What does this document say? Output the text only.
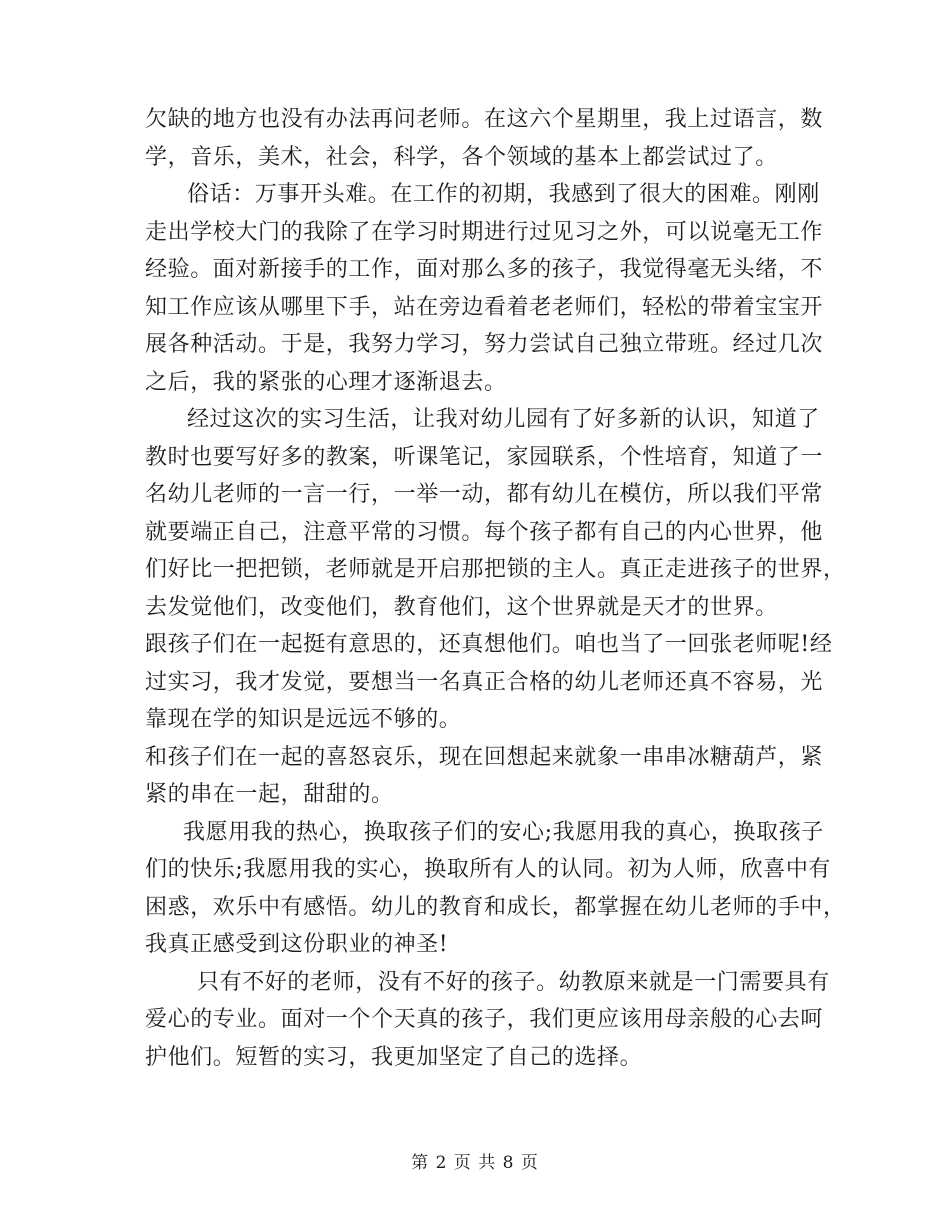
欠缺的地方也没有办法再问老师。在这六个星期里，我上过语言，数
学，音乐，美术，社会，科学，各个领域的基本上都尝试过了。
俗话：万事开头难。在工作的初期，我感到了很大的困难。刚刚
走出学校大门的我除了在学习时期进行过见习之外，可以说毫无工作
经验。面对新接手的工作，面对那么多的孩子，我觉得毫无头绪，不
知工作应该从哪里下手，站在旁边看着老老师们，轻松的带着宝宝开
展各种活动。于是，我努力学习，努力尝试自己独立带班。经过几次
之后，我的紧张的心理才逐渐退去。
经过这次的实习生活，让我对幼儿园有了好多新的认识，知道了
教时也要写好多的教案，听课笔记，家园联系，个性培育，知道了一
名幼儿老师的一言一行，一举一动，都有幼儿在模仿，所以我们平常
就要端正自己，注意平常的习惯。每个孩子都有自己的内心世界，他
们好比一把把锁，老师就是开启那把锁的主人。真正走进孩子的世界，
去发觉他们，改变他们，教育他们，这个世界就是天才的世界。
跟孩子们在一起挺有意思的，还真想他们。咱也当了一回张老师呢!经
过实习，我才发觉，要想当一名真正合格的幼儿老师还真不容易，光
靠现在学的知识是远远不够的。
和孩子们在一起的喜怒哀乐，现在回想起来就象一串串冰糖葫芦，紧
紧的串在一起，甜甜的。
我愿用我的热心，换取孩子们的安心;我愿用我的真心，换取孩子
们的快乐;我愿用我的实心，换取所有人的认同。初为人师，欣喜中有
困惑，欢乐中有感悟。幼儿的教育和成长，都掌握在幼儿老师的手中，
我真正感受到这份职业的神圣!
只有不好的老师，没有不好的孩子。幼教原来就是一门需要具有
爱心的专业。面对一个个天真的孩子，我们更应该用母亲般的心去呵
护他们。短暂的实习，我更加坚定了自己的选择。
第 2 页 共 8 页
